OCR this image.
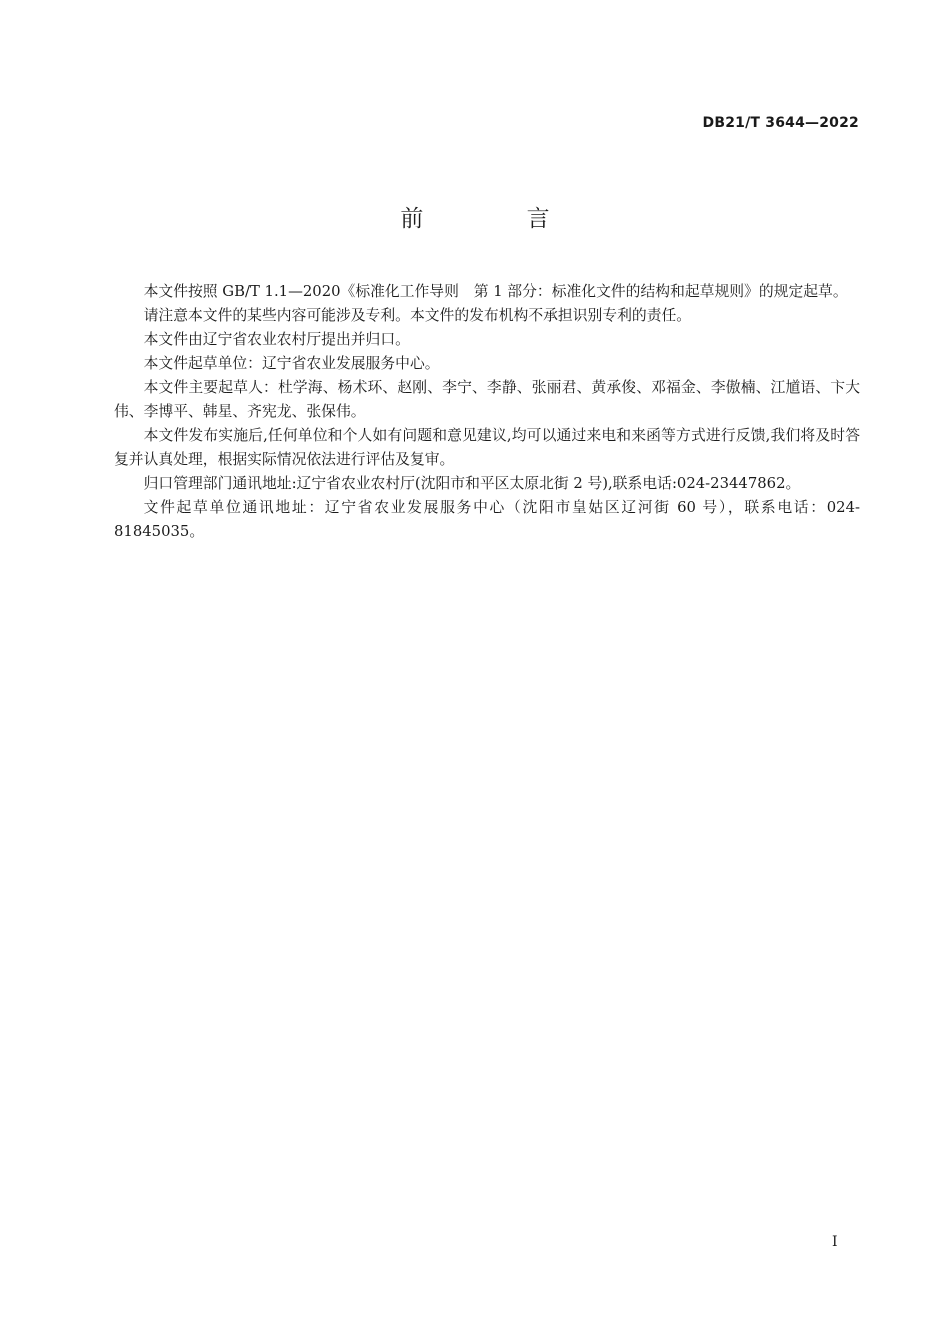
DB21/T 3644—2022
前 言

本文件按照 GB/T 1.1—2020《标准化工作导则　第 1 部分：标准化文件的结构和起草规则》的规定起草。

请注意本文件的某些内容可能涉及专利。本文件的发布机构不承担识别专利的责任。

本文件由辽宁省农业农村厅提出并归口。

本文件起草单位：辽宁省农业发展服务中心。

本文件主要起草人：杜学海、杨术环、赵刚、李宁、李静、张丽君、黄承俊、邓福金、李傲楠、江馗语、卞大伟、李博平、韩星、齐宪龙、张保伟。

本文件发布实施后,任何单位和个人如有问题和意见建议,均可以通过来电和来函等方式进行反馈,我们将及时答复并认真处理，根据实际情况依法进行评估及复审。

归口管理部门通讯地址:辽宁省农业农村厅(沈阳市和平区太原北街 2 号),联系电话:024-23447862。

文件起草单位通讯地址：辽宁省农业发展服务中心（沈阳市皇姑区辽河街 60 号），联系电话：024-81845035。

I
